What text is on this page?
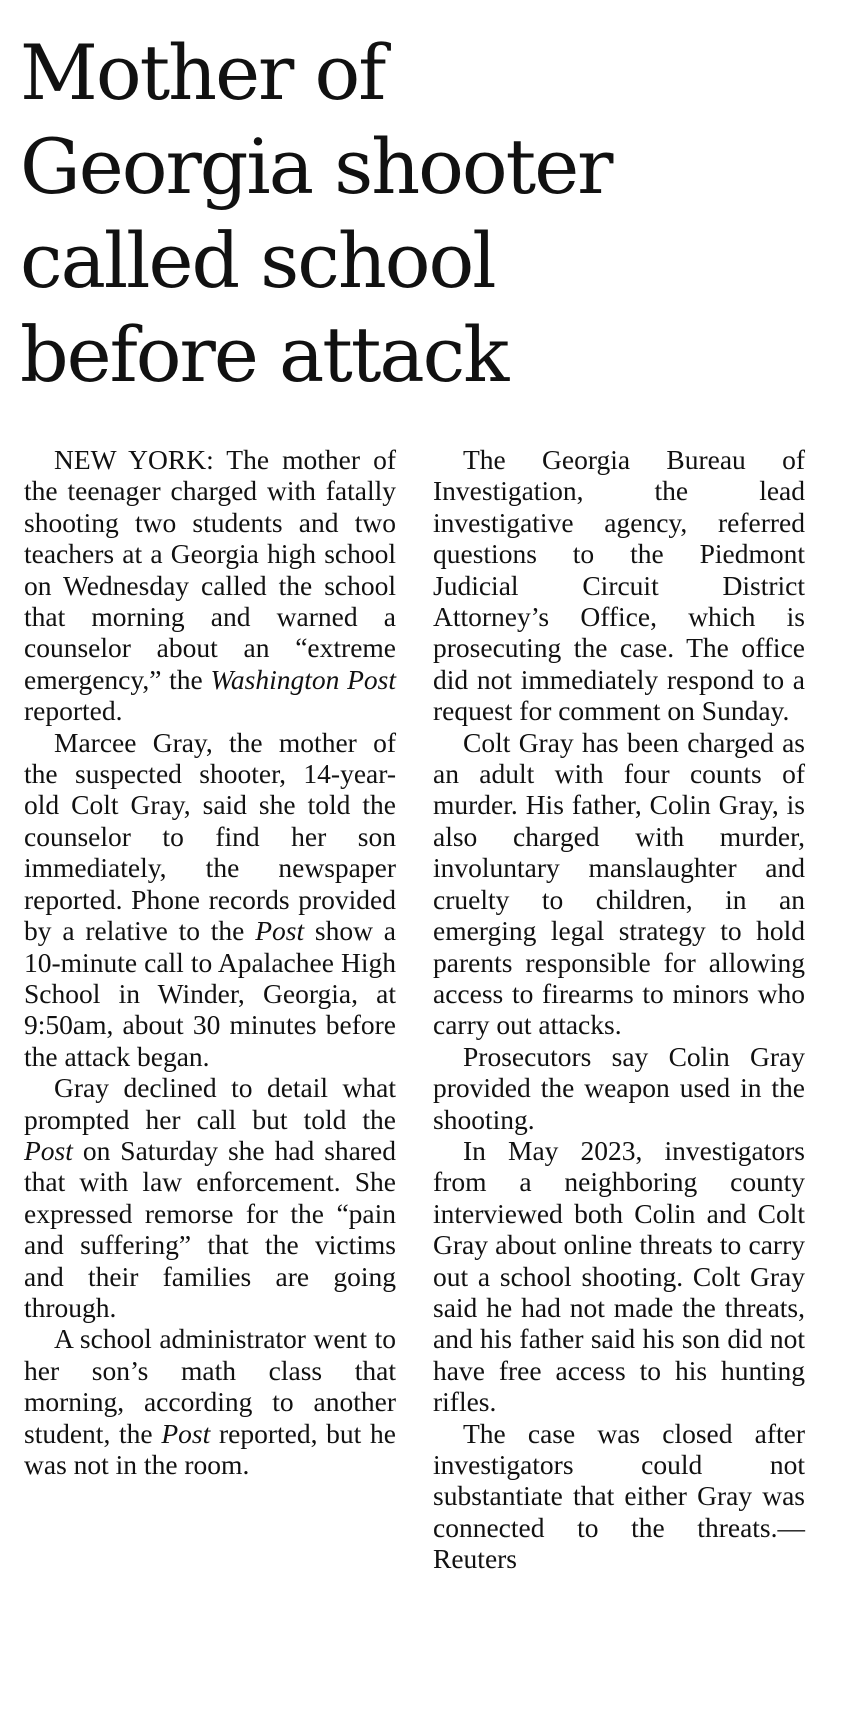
Mother of
Georgia shooter
called school
before attack

NEW YORK: The mother of the teenager charged with fatally shooting two students and two teachers at a Georgia high school on Wednesday called the school that morning and warned a counselor about an “extreme emergency,” the Washington Post reported.

Marcee Gray, the mother of the suspected shooter, 14-year-old Colt Gray, said she told the counselor to find her son immediately, the newspaper reported. Phone records provided by a relative to the Post show a 10-minute call to Apalachee High School in Winder, Georgia, at 9:50am, about 30 minutes before the attack began.

Gray declined to detail what prompted her call but told the Post on Saturday she had shared that with law enforcement. She expressed remorse for the “pain and suffering” that the victims and their families are going through.

A school administrator went to her son’s math class that morning, according to another student, the Post reported, but he was not in the room.

The Georgia Bureau of Investigation, the lead investigative agency, referred questions to the Piedmont Judicial Circuit District Attorney’s Office, which is prosecuting the case. The office did not immediately respond to a request for comment on Sunday.

Colt Gray has been charged as an adult with four counts of murder. His father, Colin Gray, is also charged with murder, involuntary manslaughter and cruelty to children, in an emerging legal strategy to hold parents responsible for allowing access to firearms to minors who carry out attacks.

Prosecutors say Colin Gray provided the weapon used in the shooting.

In May 2023, investigators from a neighboring county interviewed both Colin and Colt Gray about online threats to carry out a school shooting. Colt Gray said he had not made the threats, and his father said his son did not have free access to his hunting rifles.

The case was closed after investigators could not substantiate that either Gray was connected to the threats.—Reuters
